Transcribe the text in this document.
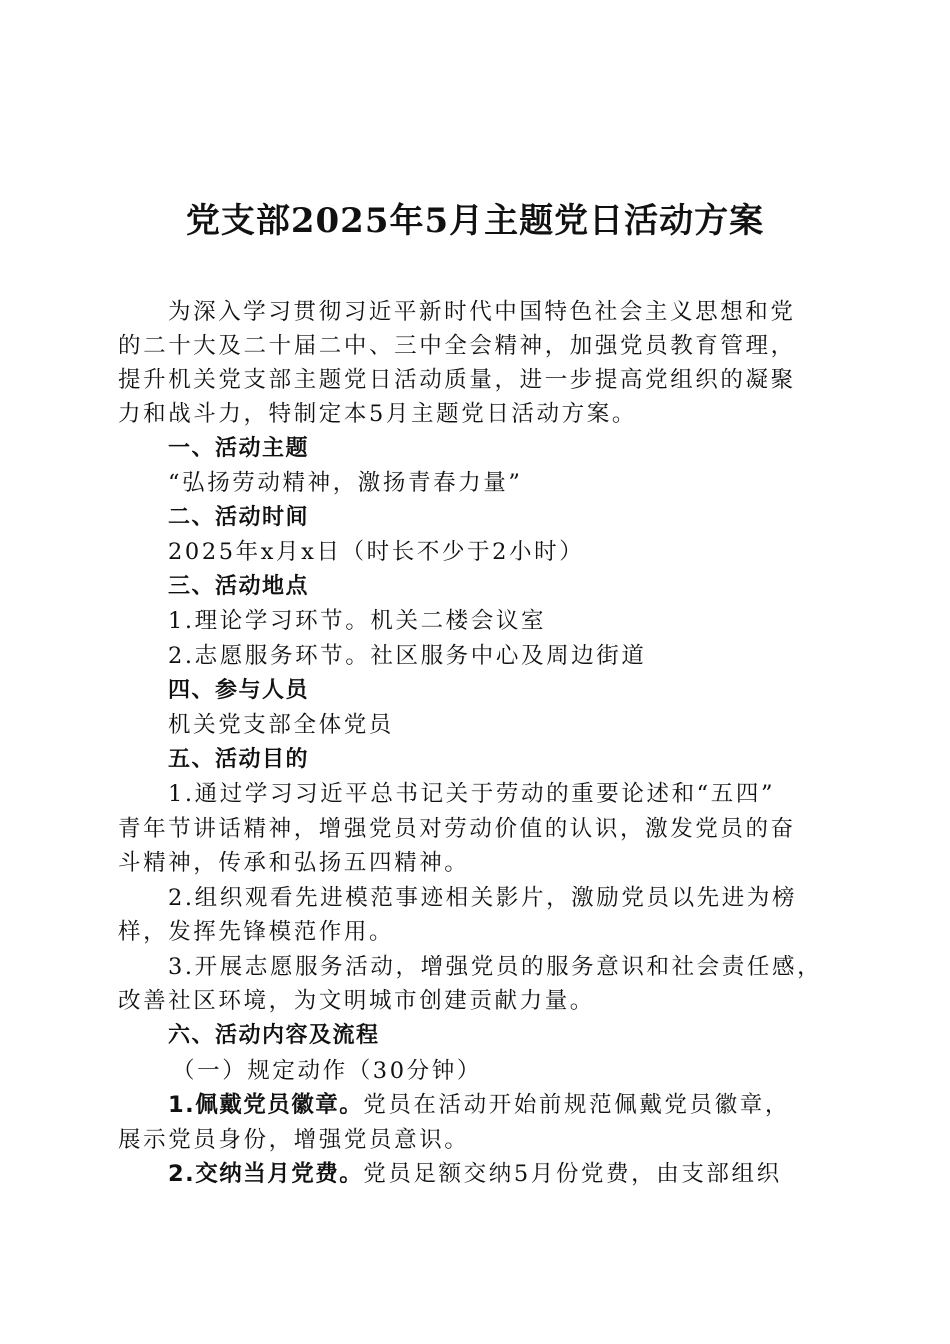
党支部2025年5月主题党日活动方案
为深入学习贯彻习近平新时代中国特色社会主义思想和党
的二十大及二十届二中、三中全会精神，加强党员教育管理，
提升机关党支部主题党日活动质量，进一步提高党组织的凝聚
力和战斗力，特制定本5月主题党日活动方案。
一、活动主题
“弘扬劳动精神，激扬青春力量”
二、活动时间
2025年x月x日（时长不少于2小时）
三、活动地点
1.理论学习环节。机关二楼会议室
2.志愿服务环节。社区服务中心及周边街道
四、参与人员
机关党支部全体党员
五、活动目的
1.通过学习习近平总书记关于劳动的重要论述和“五四”
青年节讲话精神，增强党员对劳动价值的认识，激发党员的奋
斗精神，传承和弘扬五四精神。
2.组织观看先进模范事迹相关影片，激励党员以先进为榜
样，发挥先锋模范作用。
3.开展志愿服务活动，增强党员的服务意识和社会责任感，
改善社区环境，为文明城市创建贡献力量。
六、活动内容及流程
（一）规定动作（30分钟）
1.佩戴党员徽章。党员在活动开始前规范佩戴党员徽章，
展示党员身份，增强党员意识。
2.交纳当月党费。党员足额交纳5月份党费，由支部组织
